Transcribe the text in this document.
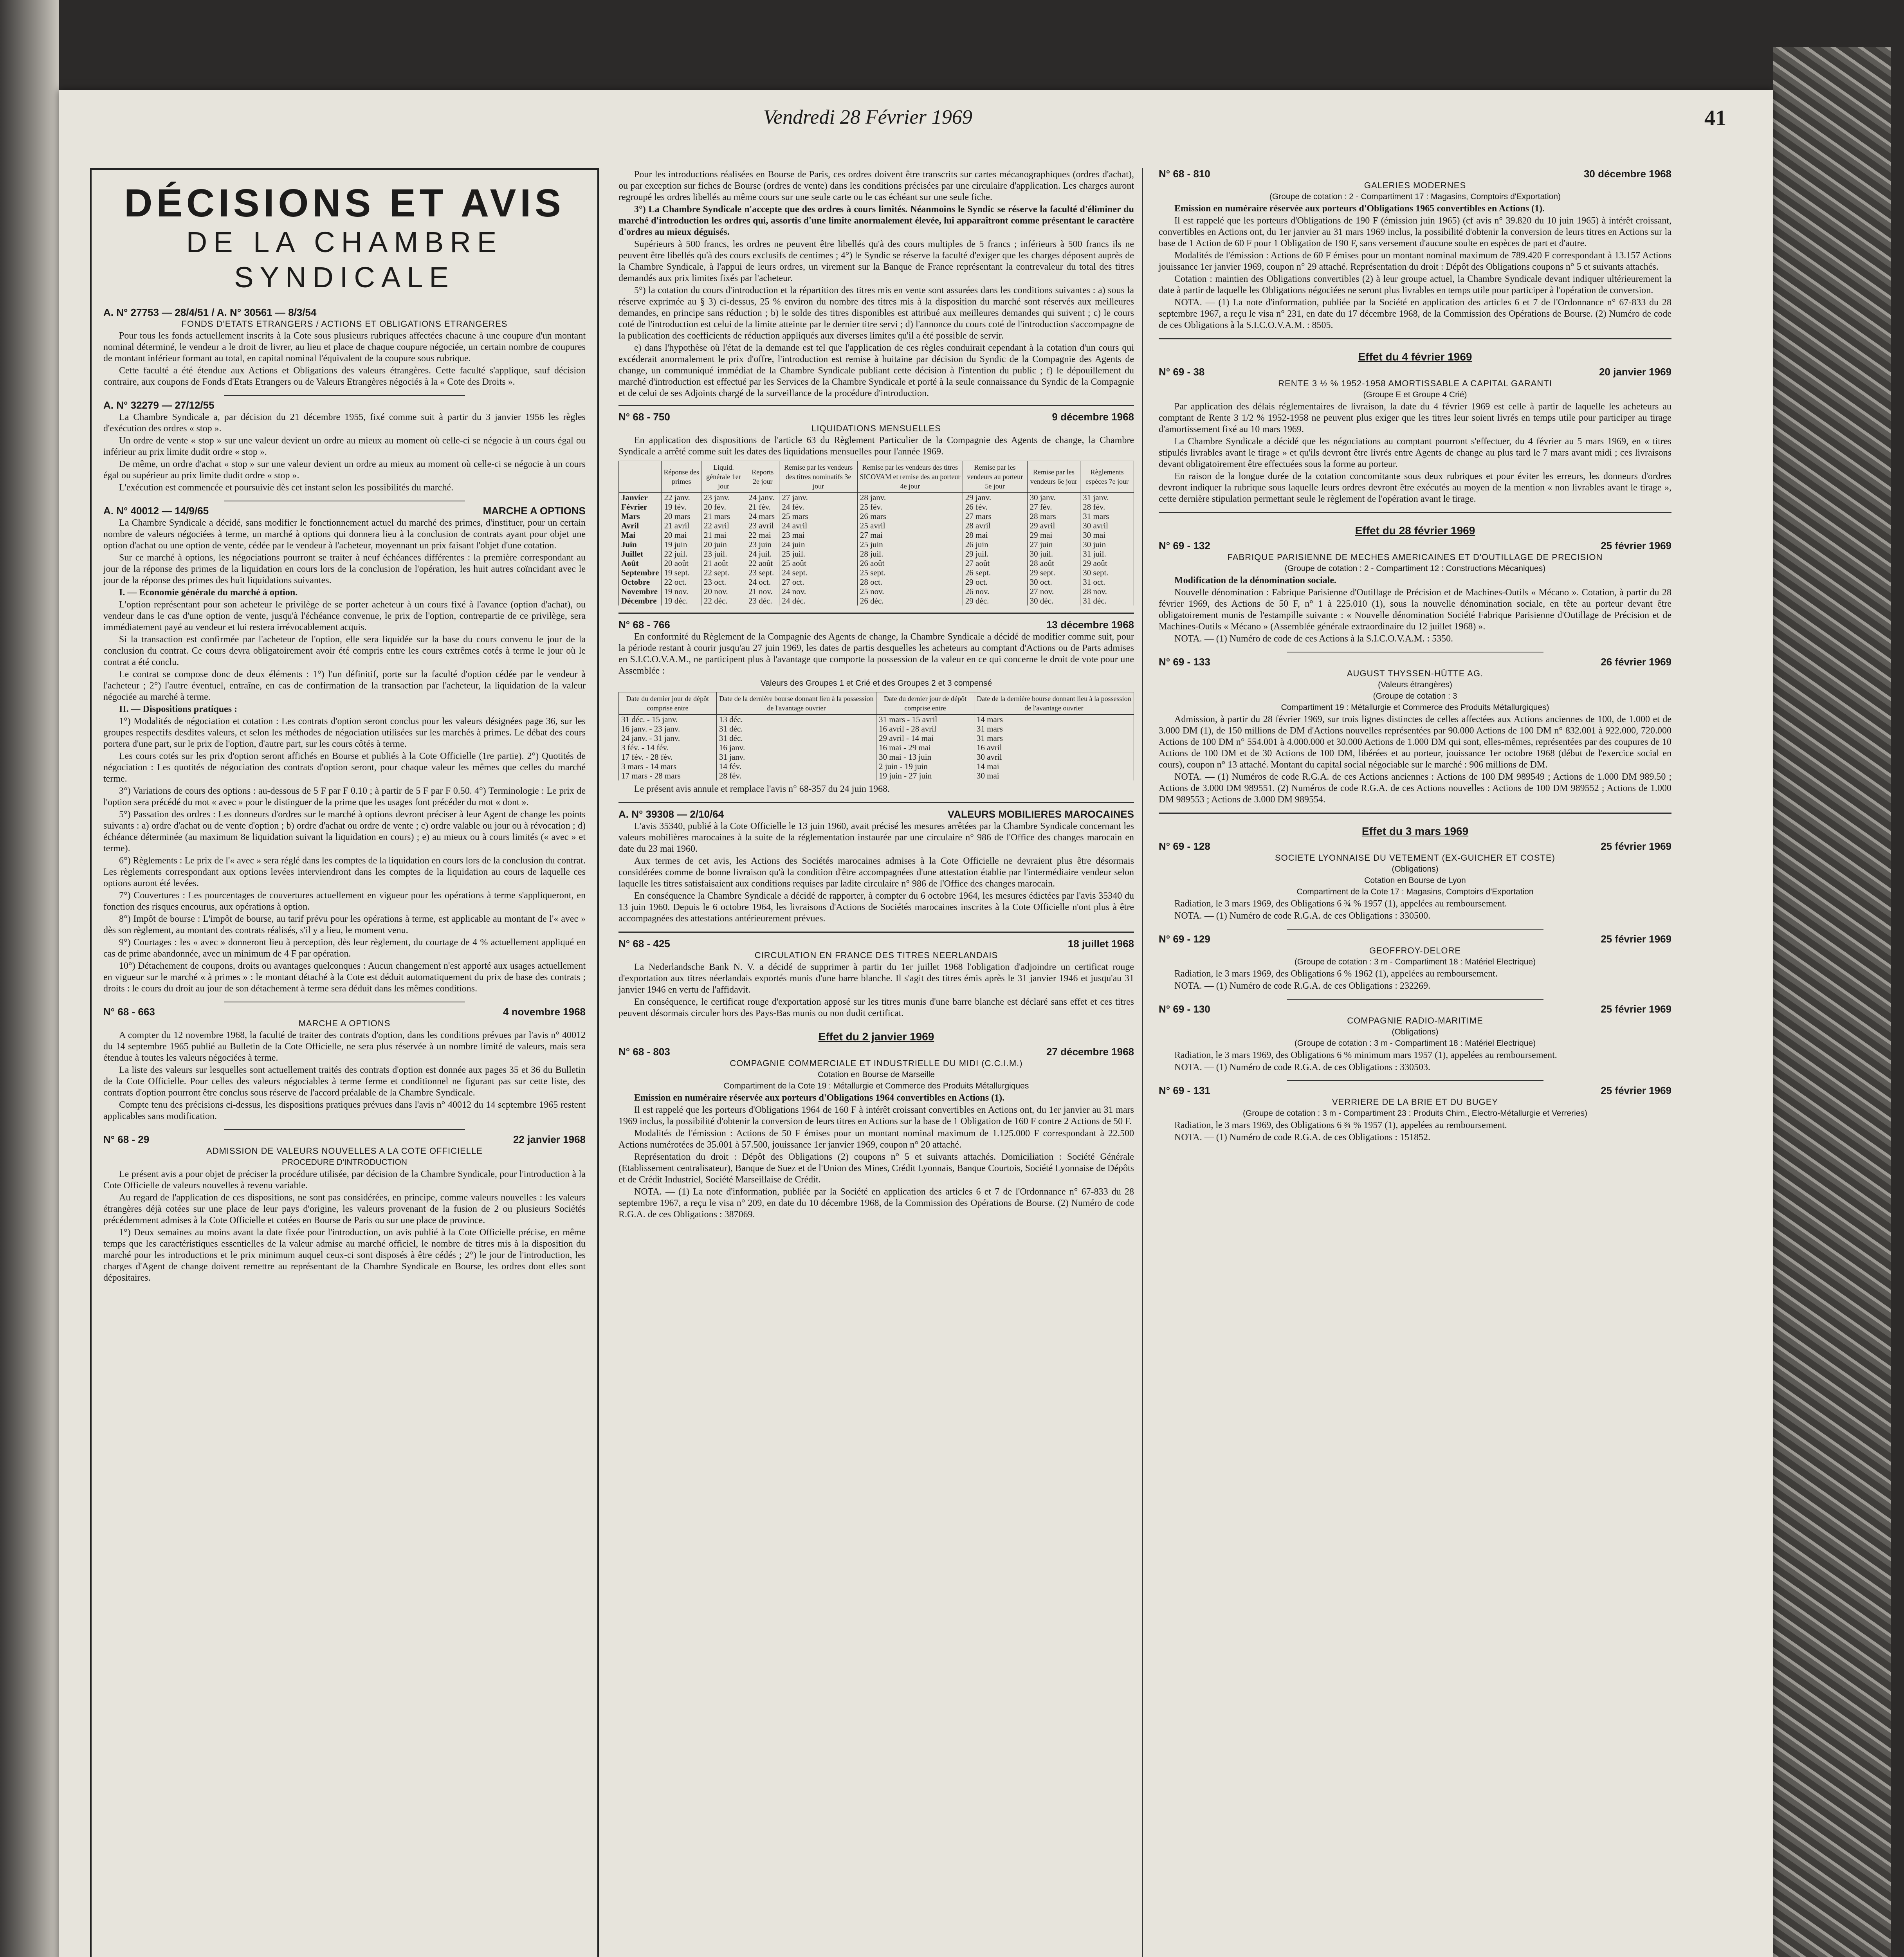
Vendredi 28 Février 1969	41
DÉCISIONS ET AVIS
DE LA CHAMBRE SYNDICALE
A. N° 27753 — 28/4/51 / A. N° 30561 — 8/3/54
FONDS D'ETATS ETRANGERS / ACTIONS ET OBLIGATIONS ETRANGERES

Pour tous les fonds actuellement inscrits à la Cote sous plusieurs rubriques affectées chacune à une coupure d'un montant nominal déterminé, le vendeur a le droit de livrer, au lieu et place de chaque coupure négociée, un certain nombre de coupures de montant inférieur formant au total, en capital nominal l'équivalent de la coupure sous rubrique.

Cette faculté a été étendue aux Actions et Obligations des valeurs étrangères. Cette faculté s'applique, sauf décision contraire, aux coupons de Fonds d'Etats Etrangers ou de Valeurs Etrangères négociés à la « Cote des Droits ».

A. N° 32279 — 27/12/55

La Chambre Syndicale a, par décision du 21 décembre 1955, fixé comme suit à partir du 3 janvier 1956 les règles d'exécution des ordres « stop ».

Un ordre de vente « stop » sur une valeur devient un ordre au mieux au moment où celle-ci se négocie à un cours égal ou inférieur au prix limite dudit ordre « stop ».

De même, un ordre d'achat « stop » sur une valeur devient un ordre au mieux au moment où celle-ci se négocie à un cours égal ou supérieur au prix limite dudit ordre « stop ».

L'exécution est commencée et poursuivie dès cet instant selon les possibilités du marché.

A. N° 40012 — 14/9/65	MARCHE A OPTIONS

La Chambre Syndicale a décidé, sans modifier le fonctionnement actuel du marché des primes, d'instituer, pour un certain nombre de valeurs négociées à terme, un marché à options qui donnera lieu à la conclusion de contrats ayant pour objet une option d'achat ou une option de vente, cédée par le vendeur à l'acheteur, moyennant un prix faisant l'objet d'une cotation.

Sur ce marché à options, les négociations pourront se traiter à neuf échéances différentes : la première correspondant au jour de la réponse des primes de la liquidation en cours lors de la conclusion de l'opération, les huit autres coïncidant avec le jour de la réponse des primes des huit liquidations suivantes.

I. — Economie générale du marché à option.

L'option représentant pour son acheteur le privilège de se porter acheteur à un cours fixé à l'avance (option d'achat), ou vendeur dans le cas d'une option de vente, jusqu'à l'échéance convenue, le prix de l'option, contrepartie de ce privilège, sera immédiatement payé au vendeur et lui restera irrévocablement acquis.

Si la transaction est confirmée par l'acheteur de l'option, elle sera liquidée sur la base du cours convenu le jour de la conclusion du contrat. Ce cours devra obligatoirement avoir été compris entre les cours extrêmes cotés à terme le jour où le contrat a été conclu.

Le contrat se compose donc de deux éléments : 1°) l'un définitif, porte sur la faculté d'option cédée par le vendeur à l'acheteur ; 2°) l'autre éventuel, entraîne, en cas de confirmation de la transaction par l'acheteur, la liquidation de la valeur négociée au marché à terme.

II. — Dispositions pratiques :

1°) Modalités de négociation et cotation : Les contrats d'option seront conclus pour les valeurs désignées page 36, sur les groupes respectifs desdites valeurs, et selon les méthodes de négociation utilisées sur les marchés à primes. Le débat des cours portera d'une part, sur le prix de l'option, d'autre part, sur les cours côtés à terme.

Les cours cotés sur les prix d'option seront affichés en Bourse et publiés à la Cote Officielle (1re partie). 2°) Quotités de négociation : Les quotités de négociation des contrats d'option seront, pour chaque valeur les mêmes que celles du marché terme.

3°) Variations de cours des options : au-dessous de 5 F par F 0.10 ; à partir de 5 F par F 0.50. 4°) Terminologie : Le prix de l'option sera précédé du mot « avec » pour le distinguer de la prime que les usages font précéder du mot « dont ».

5°) Passation des ordres : Les donneurs d'ordres sur le marché à options devront préciser à leur Agent de change les points suivants : a) ordre d'achat ou de vente d'option ; b) ordre d'achat ou ordre de vente ; c) ordre valable ou jour ou à révocation ; d) échéance déterminée (au maximum 8e liquidation suivant la liquidation en cours) ; e) au mieux ou à cours limités (« avec » et terme).

6°) Règlements : Le prix de l'« avec » sera réglé dans les comptes de la liquidation en cours lors de la conclusion du contrat. Les règlements correspondant aux options levées interviendront dans les comptes de la liquidation au cours de laquelle ces options auront été levées.

7°) Couvertures : Les pourcentages de couvertures actuellement en vigueur pour les opérations à terme s'appliqueront, en fonction des risques encourus, aux opérations à option.

8°) Impôt de bourse : L'impôt de bourse, au tarif prévu pour les opérations à terme, est applicable au montant de l'« avec » dès son règlement, au montant des contrats réalisés, s'il y a lieu, le moment venu.

9°) Courtages : les « avec » donneront lieu à perception, dès leur règlement, du courtage de 4 % actuellement appliqué en cas de prime abandonnée, avec un minimum de 4 F par opération.

10°) Détachement de coupons, droits ou avantages quelconques : Aucun changement n'est apporté aux usages actuellement en vigueur sur le marché « à primes » : le montant détaché à la Cote est déduit automatiquement du prix de base des contrats ; droits : le cours du droit au jour de son détachement à terme sera déduit dans les mêmes conditions.

N° 68 - 663	4 novembre 1968
MARCHE A OPTIONS

A compter du 12 novembre 1968, la faculté de traiter des contrats d'option, dans les conditions prévues par l'avis n° 40012 du 14 septembre 1965 publié au Bulletin de la Cote Officielle, ne sera plus réservée à un nombre limité de valeurs, mais sera étendue à toutes les valeurs négociées à terme.

La liste des valeurs sur lesquelles sont actuellement traités des contrats d'option est donnée aux pages 35 et 36 du Bulletin de la Cote Officielle. Pour celles des valeurs négociables à terme ferme et conditionnel ne figurant pas sur cette liste, des contrats d'option pourront être conclus sous réserve de l'accord préalable de la Chambre Syndicale.

Compte tenu des précisions ci-dessus, les dispositions pratiques prévues dans l'avis n° 40012 du 14 septembre 1965 restent applicables sans modification.

N° 68 - 29	22 janvier 1968
ADMISSION DE VALEURS NOUVELLES A LA COTE OFFICIELLE
PROCEDURE D'INTRODUCTION

Le présent avis a pour objet de préciser la procédure utilisée, par décision de la Chambre Syndicale, pour l'introduction à la Cote Officielle de valeurs nouvelles à revenu variable.

Au regard de l'application de ces dispositions, ne sont pas considérées, en principe, comme valeurs nouvelles : les valeurs étrangères déjà cotées sur une place de leur pays d'origine, les valeurs provenant de la fusion de 2 ou plusieurs Sociétés précédemment admises à la Cote Officielle et cotées en Bourse de Paris ou sur une place de province.

1°) Deux semaines au moins avant la date fixée pour l'introduction, un avis publié à la Cote Officielle précise, en même temps que les caractéristiques essentielles de la valeur admise au marché officiel, le nombre de titres mis à la disposition du marché pour les introductions et le prix minimum auquel ceux-ci sont disposés à être cédés ; 2°) le jour de l'introduction, les charges d'Agent de change doivent remettre au représentant de la Chambre Syndicale en Bourse, les ordres dont elles sont dépositaires.

Pour les introductions réalisées en Bourse de Paris, ces ordres doivent être transcrits sur cartes mécanographiques (ordres d'achat), ou par exception sur fiches de Bourse (ordres de vente) dans les conditions précisées par une circulaire d'application. Les charges auront regroupé les ordres libellés au même cours sur une seule carte ou le cas échéant sur une seule fiche.

3°) La Chambre Syndicale n'accepte que des ordres à cours limités. Néanmoins le Syndic se réserve la faculté d'éliminer du marché d'introduction les ordres qui, assortis d'une limite anormalement élevée, lui apparaîtront comme présentant le caractère d'ordres au mieux déguisés.

Supérieurs à 500 francs, les ordres ne peuvent être libellés qu'à des cours multiples de 5 francs ; inférieurs à 500 francs ils ne peuvent être libellés qu'à des cours exclusifs de centimes ; 4°) le Syndic se réserve la faculté d'exiger que les charges déposent auprès de la Chambre Syndicale, à l'appui de leurs ordres, un virement sur la Banque de France représentant la contrevaleur du total des titres demandés aux prix limites fixés par l'acheteur.

5°) la cotation du cours d'introduction et la répartition des titres mis en vente sont assurées dans les conditions suivantes : a) sous la réserve exprimée au § 3) ci-dessus, 25 % environ du nombre des titres mis à la disposition du marché sont réservés aux meilleures demandes, en principe sans réduction ; b) le solde des titres disponibles est attribué aux meilleures demandes qui suivent ; c) le cours coté de l'introduction est celui de la limite atteinte par le dernier titre servi ; d) l'annonce du cours coté de l'introduction s'accompagne de la publication des coefficients de réduction appliqués aux diverses limites qu'il a été possible de servir.

e) dans l'hypothèse où l'état de la demande est tel que l'application de ces règles conduirait cependant à la cotation d'un cours qui excéderait anormalement le prix d'offre, l'introduction est remise à huitaine par décision du Syndic de la Compagnie des Agents de change, un communiqué immédiat de la Chambre Syndicale publiant cette décision à l'intention du public ; f) le dépouillement du marché d'introduction est effectué par les Services de la Chambre Syndicale et porté à la seule connaissance du Syndic de la Compagnie et de celui de ses Adjoints chargé de la surveillance de la procédure d'introduction.

N° 68 - 750	9 décembre 1968
LIQUIDATIONS MENSUELLES

En application des dispositions de l'article 63 du Règlement Particulier de la Compagnie des Agents de change, la Chambre Syndicale a arrêté comme suit les dates des liquidations mensuelles pour l'année 1969.

	Réponse des primes	Liquid. générale 1er jour	Reports 2e jour	Remise par les vendeurs des titres nominatifs 3e jour	Remise par les vendeurs des titres SICOVAM et remise des au porteur 4e jour	Remise par les vendeurs au porteur 5e jour	Remise par les vendeurs 6e jour	Règlements espèces 7e jour
Janvier	22 janv.	23 janv.	24 janv.	27 janv.	28 janv.	29 janv.	30 janv.	31 janv.
Février	19 fév.	20 fév.	21 fév.	24 fév.	25 fév.	26 fév.	27 fév.	28 fév.
Mars	20 mars	21 mars	24 mars	25 mars	26 mars	27 mars	28 mars	31 mars
Avril	21 avril	22 avril	23 avril	24 avril	25 avril	28 avril	29 avril	30 avril
Mai	20 mai	21 mai	22 mai	23 mai	27 mai	28 mai	29 mai	30 mai
Juin	19 juin	20 juin	23 juin	24 juin	25 juin	26 juin	27 juin	30 juin
Juillet	22 juil.	23 juil.	24 juil.	25 juil.	28 juil.	29 juil.	30 juil.	31 juil.
Août	20 août	21 août	22 août	25 août	26 août	27 août	28 août	29 août
Septembre	19 sept.	22 sept.	23 sept.	24 sept.	25 sept.	26 sept.	29 sept.	30 sept.
Octobre	22 oct.	23 oct.	24 oct.	27 oct.	28 oct.	29 oct.	30 oct.	31 oct.
Novembre	19 nov.	20 nov.	21 nov.	24 nov.	25 nov.	26 nov.	27 nov.	28 nov.
Décembre	19 déc.	22 déc.	23 déc.	24 déc.	26 déc.	29 déc.	30 déc.	31 déc.
N° 68 - 766	13 décembre 1968

En conformité du Règlement de la Compagnie des Agents de change, la Chambre Syndicale a décidé de modifier comme suit, pour la période restant à courir jusqu'au 27 juin 1969, les dates de partis desquelles les acheteurs au comptant d'Actions ou de Parts admises en S.I.C.O.V.A.M., ne participent plus à l'avantage que comporte la possession de la valeur en ce qui concerne le droit de vote pour une Assemblée :

Valeurs des Groupes 1 et Crié et des Groupes 2 et 3 compensé
Date du dernier jour de dépôt comprise entre	Date de la dernière bourse donnant lieu à la possession de l'avantage ouvrier	Date du dernier jour de dépôt comprise entre	Date de la dernière bourse donnant lieu à la possession de l'avantage ouvrier
31 déc. - 15 janv.	13 déc.	31 mars - 15 avril	14 mars
16 janv. - 23 janv.	31 déc.	16 avril - 28 avril	31 mars
24 janv. - 31 janv.	31 déc.	29 avril - 14 mai	31 mars
3 fév. - 14 fév.	16 janv.	16 mai - 29 mai	16 avril
17 fév. - 28 fév.	31 janv.	30 mai - 13 juin	30 avril
3 mars - 14 mars	14 fév.	2 juin - 19 juin	14 mai
17 mars - 28 mars	28 fév.	19 juin - 27 juin	30 mai

Le présent avis annule et remplace l'avis n° 68-357 du 24 juin 1968.

A. N° 39308 — 2/10/64	VALEURS MOBILIERES MAROCAINES

L'avis 35340, publié à la Cote Officielle le 13 juin 1960, avait précisé les mesures arrêtées par la Chambre Syndicale concernant les valeurs mobilières marocaines à la suite de la réglementation instaurée par une circulaire n° 986 de l'Office des changes marocain en date du 23 mai 1960.

Aux termes de cet avis, les Actions des Sociétés marocaines admises à la Cote Officielle ne devraient plus être désormais considérées comme de bonne livraison qu'à la condition d'être accompagnées d'une attestation établie par l'intermédiaire vendeur selon laquelle les titres satisfaisaient aux conditions requises par ladite circulaire n° 986 de l'Office des changes marocain.

En conséquence la Chambre Syndicale a décidé de rapporter, à compter du 6 octobre 1964, les mesures édictées par l'avis 35340 du 13 juin 1960. Depuis le 6 octobre 1964, les livraisons d'Actions de Sociétés marocaines inscrites à la Cote Officielle n'ont plus à être accompagnées des attestations antérieurement prévues.

N° 68 - 425	18 juillet 1968
CIRCULATION EN FRANCE DES TITRES NEERLANDAIS

La Nederlandsche Bank N. V. a décidé de supprimer à partir du 1er juillet 1968 l'obligation d'adjoindre un certificat rouge d'exportation aux titres néerlandais exportés munis d'une barre blanche. Il s'agit des titres émis après le 31 janvier 1946 et jusqu'au 31 janvier 1946 en vertu de l'affidavit.

En conséquence, le certificat rouge d'exportation apposé sur les titres munis d'une barre blanche est déclaré sans effet et ces titres peuvent désormais circuler hors des Pays-Bas munis ou non dudit certificat.

Effet du 2 janvier 1969
N° 68 - 803	27 décembre 1968
COMPAGNIE COMMERCIALE ET INDUSTRIELLE DU MIDI (C.C.I.M.)
Cotation en Bourse de Marseille
Compartiment de la Cote 19 : Métallurgie et Commerce des Produits Métallurgiques

Emission en numéraire réservée aux porteurs d'Obligations 1964 convertibles en Actions (1).

Il est rappelé que les porteurs d'Obligations 1964 de 160 F à intérêt croissant convertibles en Actions ont, du 1er janvier au 31 mars 1969 inclus, la possibilité d'obtenir la conversion de leurs titres en Actions sur la base de 1 Obligation de 160 F contre 2 Actions de 50 F.

Modalités de l'émission : Actions de 50 F émises pour un montant nominal maximum de 1.125.000 F correspondant à 22.500 Actions numérotées de 35.001 à 57.500, jouissance 1er janvier 1969, coupon n° 20 attaché.

Représentation du droit : Dépôt des Obligations (2) coupons n° 5 et suivants attachés. Domiciliation : Société Générale (Etablissement centralisateur), Banque de Suez et de l'Union des Mines, Crédit Lyonnais, Banque Courtois, Société Lyonnaise de Dépôts et de Crédit Industriel, Société Marseillaise de Crédit.

NOTA. — (1) La note d'information, publiée par la Société en application des articles 6 et 7 de l'Ordonnance n° 67-833 du 28 septembre 1967, a reçu le visa n° 209, en date du 10 décembre 1968, de la Commission des Opérations de Bourse. (2) Numéro de code R.G.A. de ces Obligations : 387069.

N° 68 - 810	30 décembre 1968
GALERIES MODERNES
(Groupe de cotation : 2 - Compartiment 17 : Magasins, Comptoirs d'Exportation)

Emission en numéraire réservée aux porteurs d'Obligations 1965 convertibles en Actions (1).

Il est rappelé que les porteurs d'Obligations de 190 F (émission juin 1965) (cf avis n° 39.820 du 10 juin 1965) à intérêt croissant, convertibles en Actions ont, du 1er janvier au 31 mars 1969 inclus, la possibilité d'obtenir la conversion de leurs titres en Actions sur la base de 1 Action de 60 F pour 1 Obligation de 190 F, sans versement d'aucune soulte en espèces de part et d'autre.

Modalités de l'émission : Actions de 60 F émises pour un montant nominal maximum de 789.420 F correspondant à 13.157 Actions jouissance 1er janvier 1969, coupon n° 29 attaché. Représentation du droit : Dépôt des Obligations coupons n° 5 et suivants attachés.

Cotation : maintien des Obligations convertibles (2) à leur groupe actuel, la Chambre Syndicale devant indiquer ultérieurement la date à partir de laquelle les Obligations négociées ne seront plus livrables en temps utile pour participer à l'opération de conversion.

NOTA. — (1) La note d'information, publiée par la Société en application des articles 6 et 7 de l'Ordonnance n° 67-833 du 28 septembre 1967, a reçu le visa n° 231, en date du 17 décembre 1968, de la Commission des Opérations de Bourse. (2) Numéro de code de ces Obligations à la S.I.C.O.V.A.M. : 8505.

Effet du 4 février 1969
N° 69 - 38	20 janvier 1969
RENTE 3 ½ % 1952-1958 AMORTISSABLE A CAPITAL GARANTI
(Groupe E et Groupe 4 Crié)

Par application des délais réglementaires de livraison, la date du 4 février 1969 est celle à partir de laquelle les acheteurs au comptant de Rente 3 1/2 % 1952-1958 ne peuvent plus exiger que les titres leur soient livrés en temps utile pour participer au tirage d'amortissement fixé au 10 mars 1969.

La Chambre Syndicale a décidé que les négociations au comptant pourront s'effectuer, du 4 février au 5 mars 1969, en « titres stipulés livrables avant le tirage » et qu'ils devront être livrés entre Agents de change au plus tard le 7 mars avant midi ; ces livraisons devant obligatoirement être effectuées sous la forme au porteur.

En raison de la longue durée de la cotation concomitante sous deux rubriques et pour éviter les erreurs, les donneurs d'ordres devront indiquer la rubrique sous laquelle leurs ordres devront être exécutés au moyen de la mention « non livrables avant le tirage », cette dernière stipulation permettant seule le règlement de l'opération avant le tirage.

Effet du 28 février 1969
N° 69 - 132	25 février 1969
FABRIQUE PARISIENNE DE MECHES AMERICAINES ET D'OUTILLAGE DE PRECISION
(Groupe de cotation : 2 - Compartiment 12 : Constructions Mécaniques)

Modification de la dénomination sociale.

Nouvelle dénomination : Fabrique Parisienne d'Outillage de Précision et de Machines-Outils « Mécano ». Cotation, à partir du 28 février 1969, des Actions de 50 F, n° 1 à 225.010 (1), sous la nouvelle dénomination sociale, en tête au porteur devant être obligatoirement munis de l'estampille suivante : « Nouvelle dénomination Société Fabrique Parisienne d'Outillage de Précision et de Machines-Outils « Mécano » (Assemblée générale extraordinaire du 12 juillet 1968) ».

NOTA. — (1) Numéro de code de ces Actions à la S.I.C.O.V.A.M. : 5350.

N° 69 - 133	26 février 1969
AUGUST THYSSEN-HÜTTE AG.
(Valeurs étrangères)
(Groupe de cotation : 3
Compartiment 19 : Métallurgie et Commerce des Produits Métallurgiques)

Admission, à partir du 28 février 1969, sur trois lignes distinctes de celles affectées aux Actions anciennes de 100, de 1.000 et de 3.000 DM (1), de 150 millions de DM d'Actions nouvelles représentées par 90.000 Actions de 100 DM n° 832.001 à 922.000, 720.000 Actions de 100 DM n° 554.001 à 4.000.000 et 30.000 Actions de 1.000 DM qui sont, elles-mêmes, représentées par des coupures de 10 Actions de 100 DM et de 30 Actions de 100 DM, libérées et au porteur, jouissance 1er octobre 1968 (début de l'exercice social en cours), coupon n° 13 attaché. Montant du capital social négociable sur le marché : 906 millions de DM.

NOTA. — (1) Numéros de code R.G.A. de ces Actions anciennes : Actions de 100 DM 989549 ; Actions de 1.000 DM 989.50 ; Actions de 3.000 DM 989551. (2) Numéros de code R.G.A. de ces Actions nouvelles : Actions de 100 DM 989552 ; Actions de 1.000 DM 989553 ; Actions de 3.000 DM 989554.

Effet du 3 mars 1969
N° 69 - 128	25 février 1969
SOCIETE LYONNAISE DU VETEMENT (EX-GUICHER ET COSTE)
(Obligations)
Cotation en Bourse de Lyon
Compartiment de la Cote 17 : Magasins, Comptoirs d'Exportation

Radiation, le 3 mars 1969, des Obligations 6 ¾ % 1957 (1), appelées au remboursement.

NOTA. — (1) Numéro de code R.G.A. de ces Obligations : 330500.

N° 69 - 129	25 février 1969
GEOFFROY-DELORE
(Groupe de cotation : 3 m - Compartiment 18 : Matériel Electrique)

Radiation, le 3 mars 1969, des Obligations 6 % 1962 (1), appelées au remboursement.

NOTA. — (1) Numéro de code R.G.A. de ces Obligations : 232269.

N° 69 - 130	25 février 1969
COMPAGNIE RADIO-MARITIME
(Obligations)
(Groupe de cotation : 3 m - Compartiment 18 : Matériel Electrique)

Radiation, le 3 mars 1969, des Obligations 6 % minimum mars 1957 (1), appelées au remboursement.

NOTA. — (1) Numéro de code R.G.A. de ces Obligations : 330503.

N° 69 - 131	25 février 1969
VERRIERE DE LA BRIE ET DU BUGEY
(Groupe de cotation : 3 m - Compartiment 23 : Produits Chim., Electro-Métallurgie et Verreries)

Radiation, le 3 mars 1969, des Obligations 6 ¾ % 1957 (1), appelées au remboursement.

NOTA. — (1) Numéro de code R.G.A. de ces Obligations : 151852.
